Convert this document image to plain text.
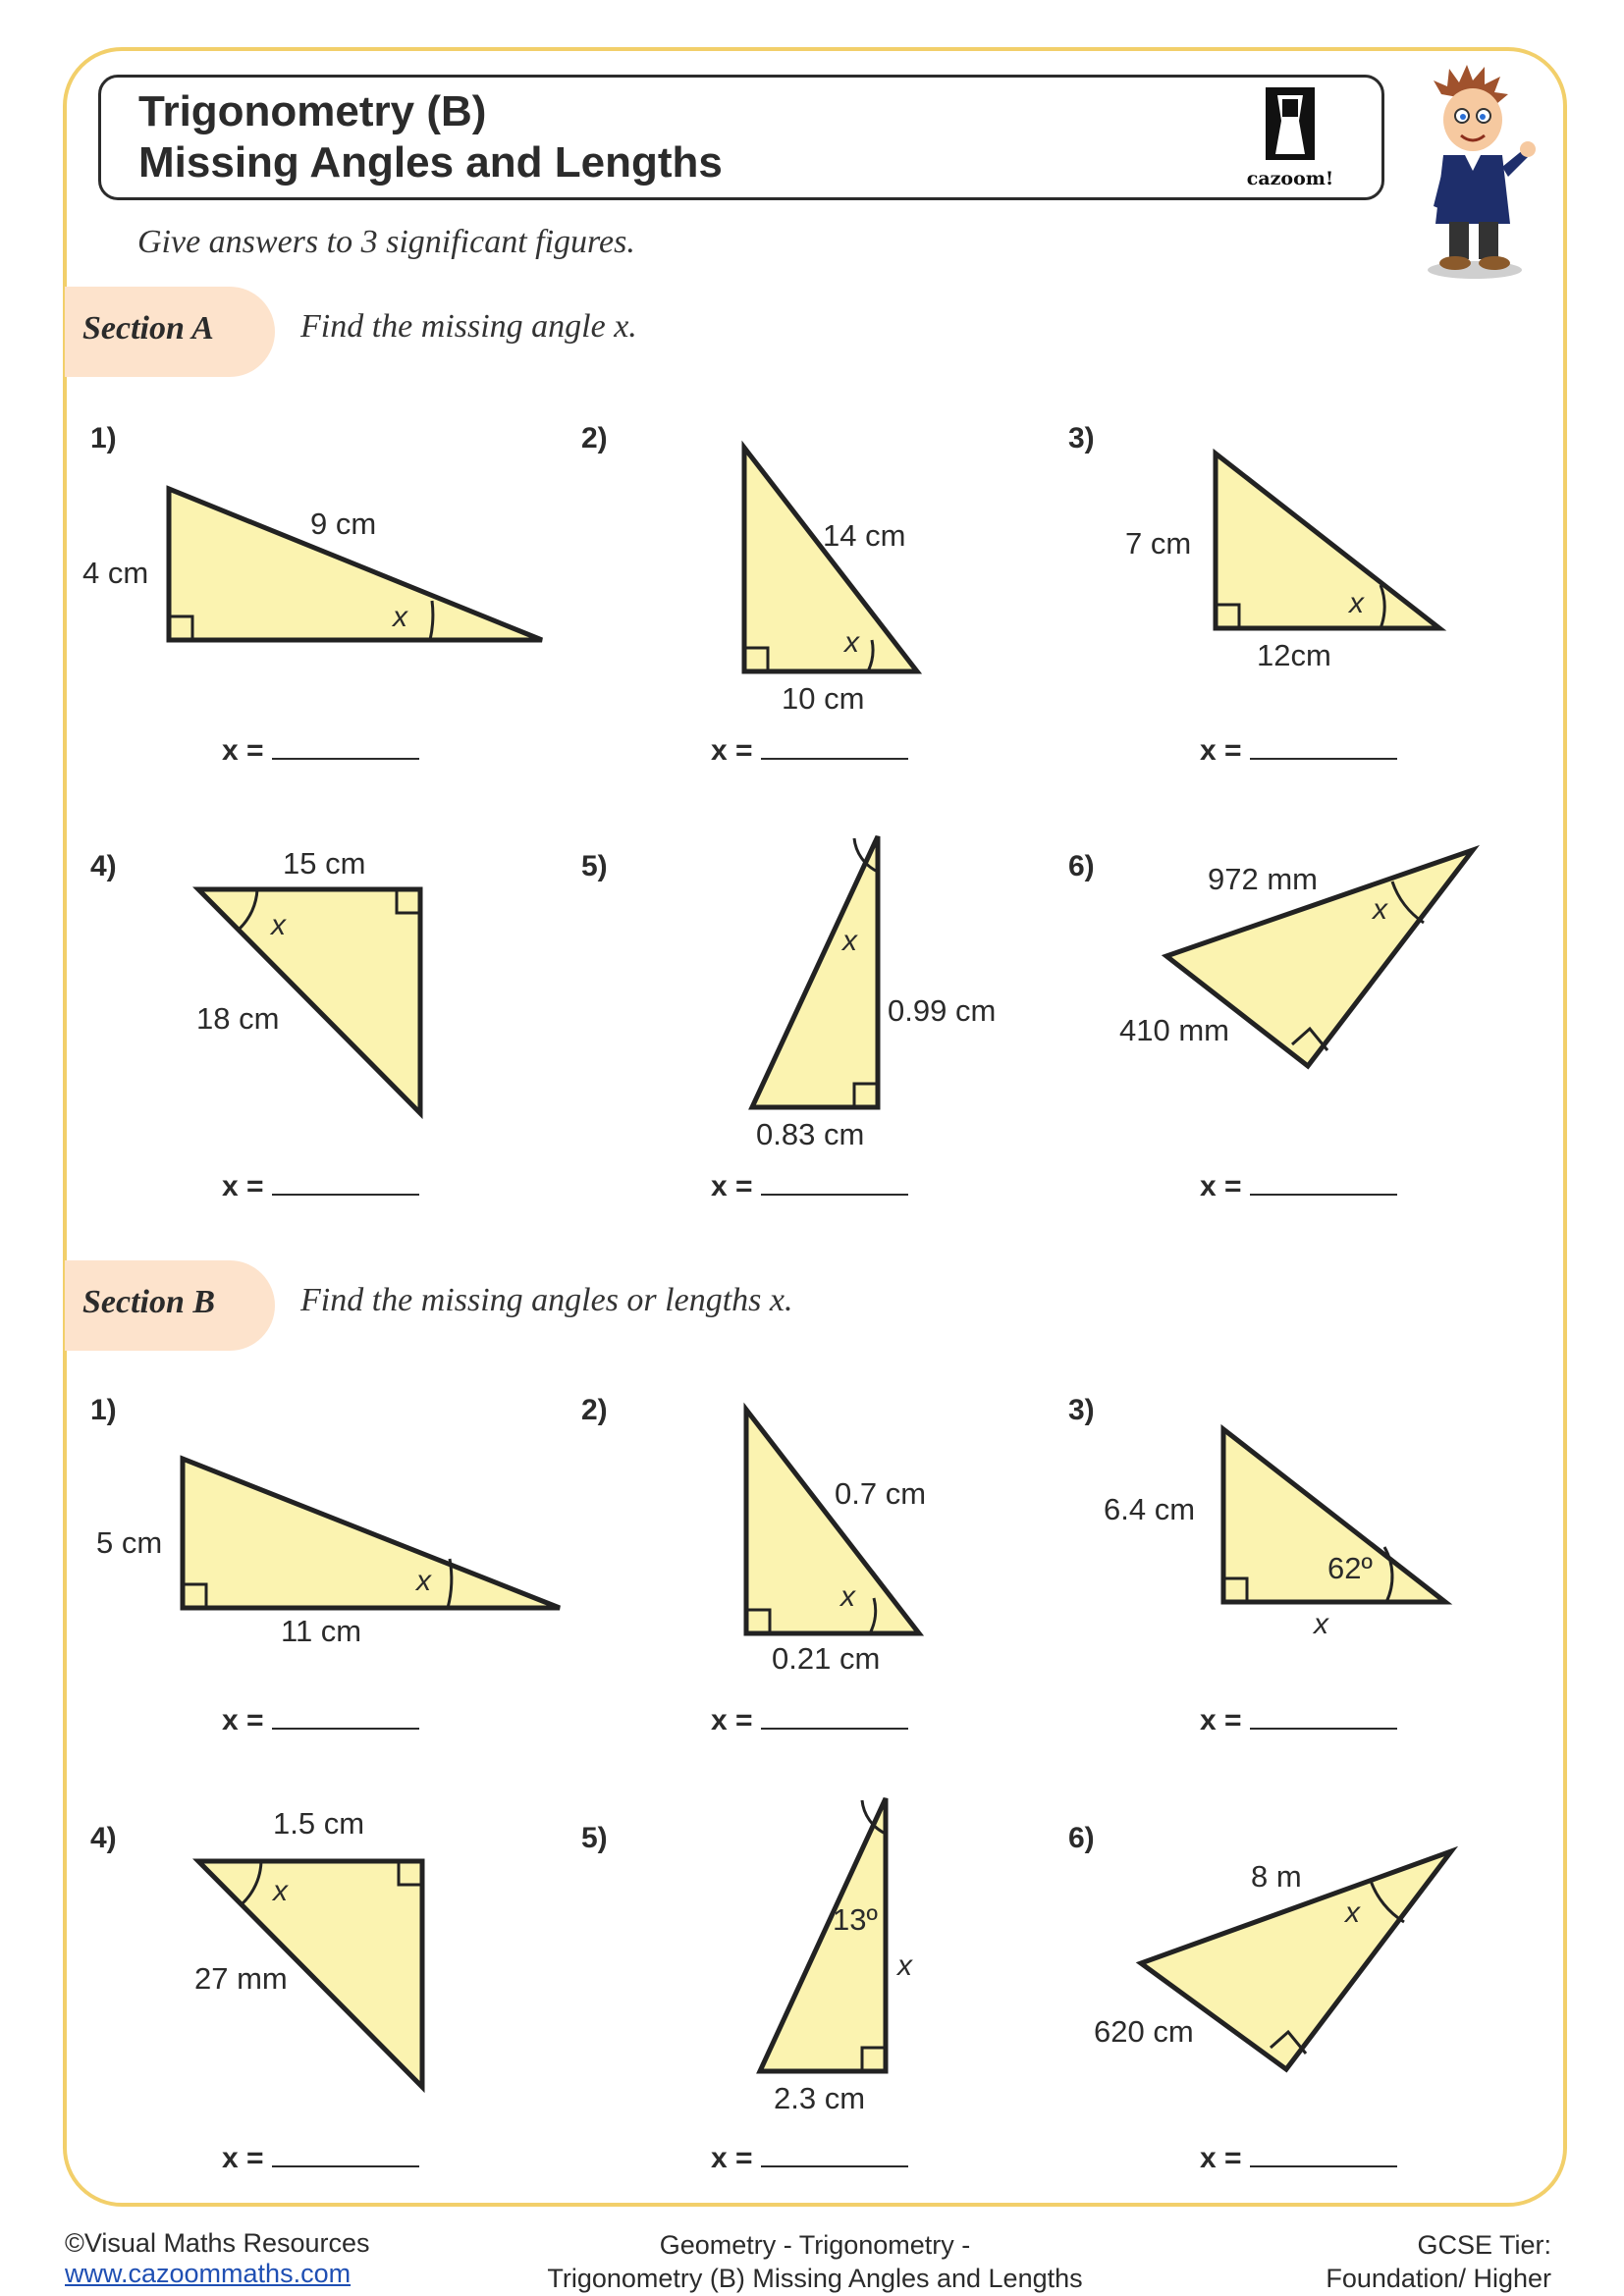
Trigonometry (B)
Missing Angles and Lengths	cazoom!
Give answers to 3 significant figures.
Section A	Find the missing angle x.
Section B	Find the missing angles or lengths x.
1)	2)	3)
4)	5)	6)
1)	2)	3)
4)	5)	6)
x =	x =	x =
x =	x =	x =
x =	x =	x =
x =	x =	x =
4 cm
9 cm
x
14 cm
10 cm
x
7 cm
12cm
x
15 cm
18 cm
x
0.99 cm
0.83 cm
x
972 mm
410 mm
x
5 cm
11 cm
x
0.7 cm
0.21 cm
x
6.4 cm
62º
x
1.5 cm
27 mm
x
13º
2.3 cm
x
8 m
620 cm
x
©Visual Maths Resources
www.cazoommaths.com
Geometry - Trigonometry -
Trigonometry (B) Missing Angles and Lengths
GCSE Tier:
Foundation/ Higher
